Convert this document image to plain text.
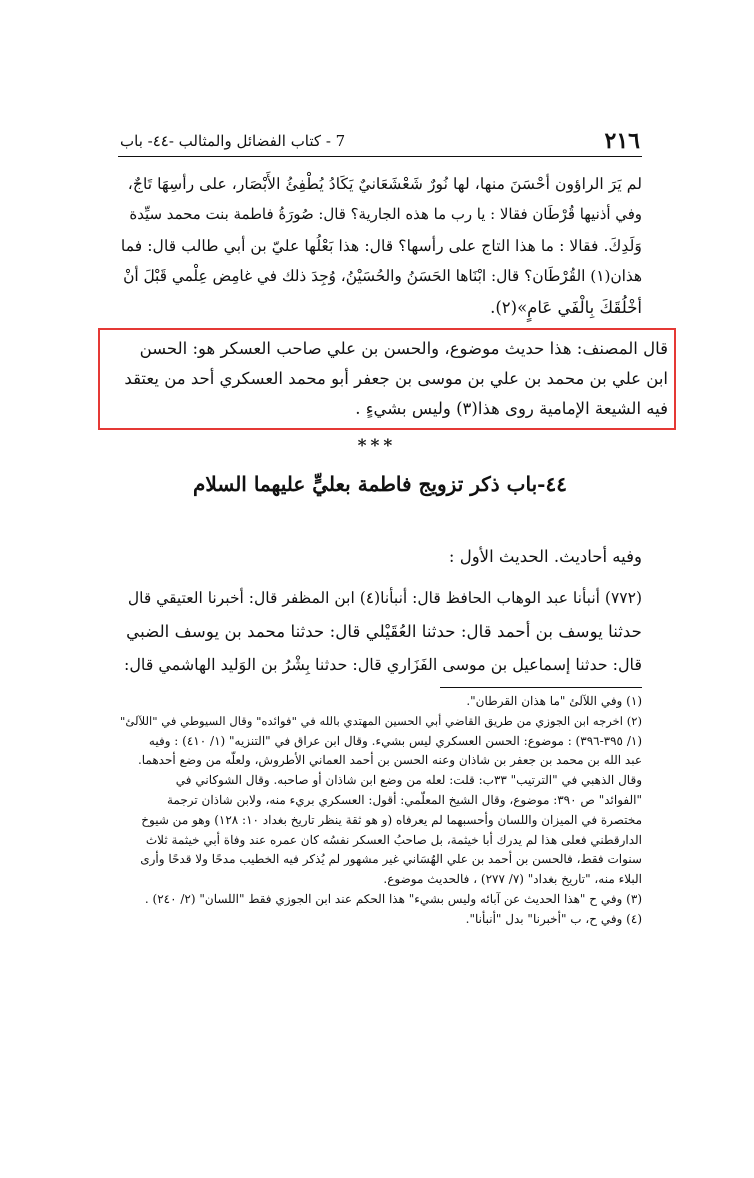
٢١٦
7 - كتاب الفضائل والمثالب -٤٤- باب
لم يَرَ الراؤون أحْسَنَ منها، لها نُورٌ شَعْشَعَانيٌ يَكَادُ يُطْفِئُ الأَبْصَار، على رأسِهَا تَاجٌ،
وفي أذنيها قُرْطَان فقالا : يا رب ما هذه الجارية؟ قال: صُورَةُ فاطمة بنت محمد سيِّدة
وَلَدِكَ. فقالا : ما هذا التاج على رأسها؟ قال: هذا بَعْلُها عليّ بن أبي طالب قال: فما
هذان(١) القُرْطَان؟ قال: ابْنَاها الحَسَنُ والحُسَيْنُ، وُجِدَ ذلك في غامِض عِلْمي قَبْلَ أنْ
أخْلُقَكَ بِالْفَي عَامٍ»(٢).
قال المصنف: هذا حديث موضوع، والحسن بن علي صاحب العسكر هو: الحسن
ابن علي بن محمد بن علي بن موسى بن جعفر أبو محمد العسكري أحد من يعتقد
فيه الشيعة الإمامية روى هذا(٣) وليس بشيءٍ .
***
٤٤-باب ذكر تزويج فاطمة بعليٍّ عليهما السلام
وفيه أحاديث. الحديث الأول :
(٧٧٢) أنبأنا عبد الوهاب الحافظ قال: أنبأنا(٤) ابن المظفر قال: أخبرنا العتيقي قال
حدثنا يوسف بن أحمد قال: حدثنا العُقَيْلي قال: حدثنا محمد بن يوسف الضبي
قال: حدثنا إسماعيل بن موسى الفَزَاري قال: حدثنا بِشْرُ بن الوَليد الهاشمي قال:
(١) وفي اللآلئ "ما هذان القرطان".
(٢) اخرجه ابن الجوزي من طريق القاضي أبي الحسين المهتدي بالله في "فوائده" وقال السيوطي في "اللآلئ"
(١/ ٣٩٥-٣٩٦) : موضوع: الحسن العسكري ليس بشيء. وقال ابن عراق في "التنزيه" (١/ ٤١٠) : وفيه
عبد الله بن محمد بن جعفر بن شاذان وعنه الحسن بن أحمد العماني الأطروش، ولعلّه من وضع أحدهما.
وقال الذهبي في "الترتيب" ٣٣ب: قلت: لعله من وضع ابن شاذان أو صاحبه. وقال الشوكاني في
"الفوائد" ص ٣٩٠: موضوع، وقال الشيخ المعلّمي: أقول: العسكري بريء منه، ولابن شاذان ترجمة
مختصرة في الميزان واللسان وأحسبهما لم يعرفاه (و هو ثقة ينظر تاريخ بغداد ١٠: ١٢٨) وهو من شيوخ
الدارقطني فعلى هذا لم يدرك أبا خيثمة، بل صاحبُ العسكر نفسُه كان عمره عند وفاة أبي خيثمة ثلاث
سنوات فقط، فالحسن بن أحمد بن علي الهُسَاني غير مشهور لم يُذكر فيه الخطيب مدحًا ولا قدحًا وأرى
البلاء منه، "تاريخ بغداد" (٧/ ٢٧٧) ، فالحديث موضوع.
(٣) وفي ح "هذا الحديث عن آبائه وليس بشيء" هذا الحكم عند ابن الجوزي فقط "اللسان" (٢/ ٢٤٠) .
(٤) وفي ح، ب "أخبرنا" بدل "أنبأنا".
